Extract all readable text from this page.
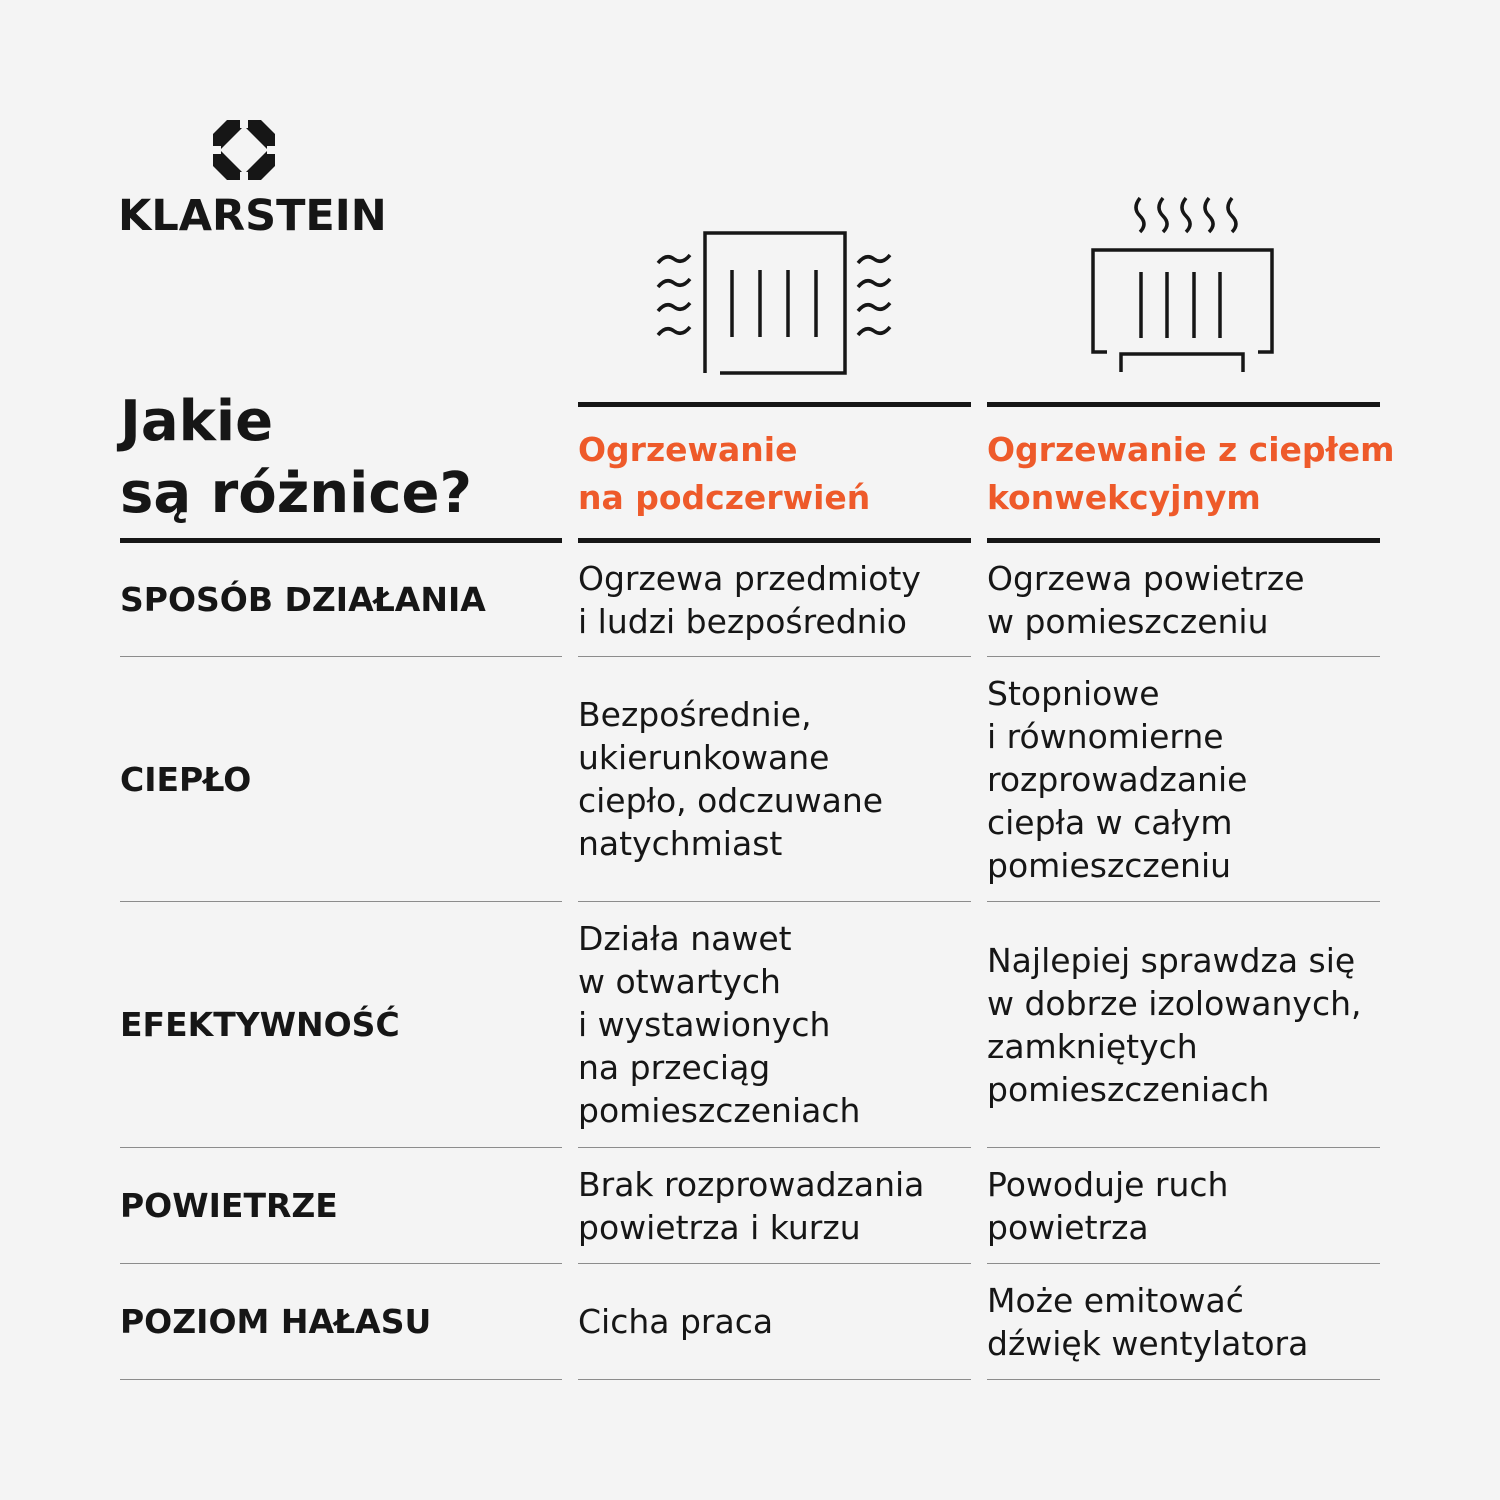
KLARSTEIN
Jakie
są różnice?
Ogrzewanie
na podczerwień
Ogrzewanie z ciepłem
konwekcyjnym
SPOSÓB DZIAŁANIA
Ogrzewa przedmioty
i ludzi bezpośrednio
Ogrzewa powietrze
w pomieszczeniu
CIEPŁO
Bezpośrednie,
ukierunkowane
ciepło, odczuwane
natychmiast
Stopniowe
i równomierne
rozprowadzanie
ciepła w całym
pomieszczeniu
EFEKTYWNOŚĆ
Działa nawet
w otwartych
i wystawionych
na przeciąg
pomieszczeniach
Najlepiej sprawdza się
w dobrze izolowanych,
zamkniętych
pomieszczeniach
POWIETRZE
Brak rozprowadzania
powietrza i kurzu
Powoduje ruch
powietrza
POZIOM HAŁASU	Cicha praca
Może emitować
dźwięk wentylatora
